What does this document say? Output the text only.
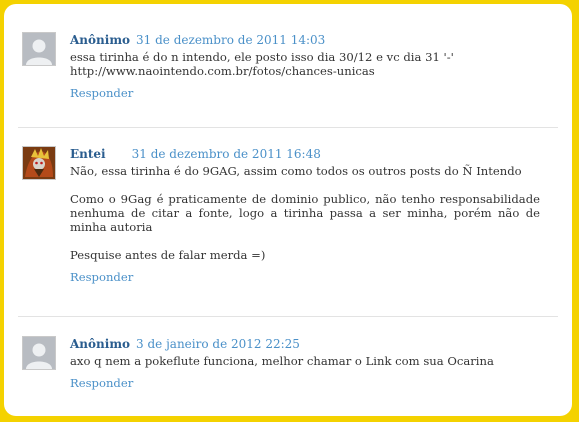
Anônimo 31 de dezembro de 2011 14:03

essa tirinha é do n intendo, ele posto isso dia 30/12 e vc dia 31 '-'

http://www.naointendo.com.br/fotos/chances-unicas

Responder
Entei 31 de dezembro de 2011 16:48

Não, essa tirinha é do 9GAG, assim como todos os outros posts do Ñ Intendo

Como o 9Gag é praticamente de dominio publico, não tenho responsabilidade nenhuma de citar a fonte, logo a tirinha passa a ser minha, porém não de minha autoria

Pesquise antes de falar merda =)

Responder
Anônimo 3 de janeiro de 2012 22:25

axo q nem a pokeflute funciona, melhor chamar o Link com sua Ocarina

Responder
